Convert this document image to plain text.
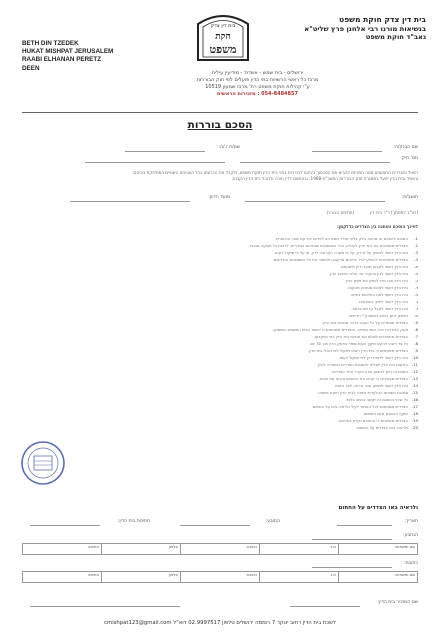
בית דין צדק חוקת משפט
בנשיאות מורנו רבי אלחנן פרץ שליט"א
גאב"ד חוקת משפט
בית דין צדק
חקת
משפט
BETH DIN TZEDEK
HUKAT MISHPAT JERUSALEM
RAABI ELHANAN PERETZ
DEEN
ירושלים - בית שמש - אשדוד - מודיעין עילית
מרכז כל ראשי הרשויות בתי הדין פועלים לפי חוק הבוררות
ע"י קהילות חוקת משפט רח' מרכז שמעון 10519
054-8484857 : מזכירות הראשית
הסכם בוררות
שם הבנק/ה:
שם/ת.ז./ה:
מס' תיק:
הואיל והצדדים החתומים מטה הסכימו להביא את הסכסוך ביניהם לבוררות בפני בית הדין חוקת משפט, ולקבל את הכרעתו בכל העניינים השנויים במחלוקת ביניהם;
והואיל ובית הדין יפעל במסגרת חוק הבוררות התשכ"ח-1968, ובהתאם לדין תורה ולנוהל בית הדין הקבוע;
תושב/ת:
מועד הדיון:
[רצ"ב למסמך] ד"ר בית דין            (חתימת הבורר)
לפיכך הוסכם והותנה בין הצדדים כדלקמן:
1.
המבוא להסכם זה מהווה חלק בלתי נפרד ממנו ויש לפרשו יחד עם שאר הוראותיו.
2.
הצדדים מסמיכים את בית הדין להכריע בכל הסכסוכים שביניהם כבוררים, לרבות כל תביעה שכנגד.
3.
בית הדין רשאי לפסוק על פי דין, על פי פשרה הקרובה לדין, או על פי שיקול דעתו.
4.
הצדדים מתחייבים להופיע לכל הדיונים שייקבעו ולמסור את כל המסמכים הנדרשים.
א.
בית הדין רשאי לקבוע מועדי דיון ולשנותם.
ב.
בית הדין רשאי לדון בהעדר צד שלא התייצב כדין.
ג.
בית הדין אינו חייב לנמק את פסק הדין.
ד.
בית הדין רשאי למנות מומחה מטעמו.
ה.
בית הדין רשאי לתת החלטות ביניים.
ו.
בית הדין רשאי לחייב בהוצאות.
ז.
בית הדין רשאי לקבל עדויות בכתב.
ח.
הפסק יינתן בכתב ויחתם ע"י הדיינים.
5.
הצדדים מוותרים על כל טענה בדבר סמכות בית הדין.
6.
פסק הבוררות יהיה סופי ומחייב, והצדדים מסכימים כי יאושר בבית המשפט המוסמך.
7.
הצדדים מתחייבים לשלם את אגרות בית הדין כפי שייקבעו.
8.
כל צד רשאי לבקש תיקון טעות סופר בפסק הדין תוך 30 יום.
9.
הצדדים מסכימים כי בית הדין רשאי לפעול לפי נוהלי בית הדין.
10.
בית הדין רשאי לדחות דיון לפי שיקול דעתו.
11.
הודעות בית הדין יישלחו לכתובות הצדדים כמפורט להלן.
12.
הסכם זה ניתן לביצוע גם בהיעדר אחד הצדדים.
13.
הצדדים מצהירים כי קראו את ההסכם והבינו את תוכנו.
14.
בית הדין רשאי לפסוק שכר טרחה לצד הזוכה.
15.
סמכות השיפוט הבלעדית נתונה לבית הדין חוקת משפט.
16.
כל שינוי בהסכם זה ייעשה בכתב בלבד.
17.
הצדדים מסכימים לכל האמור לעיל ולראיה באו על החתום.
18.
תוקף ההסכם מיום חתימתו.
19.
הצדדים מאשרים כי ההסכם נקרא בפניהם.
20.
ולראיה באו הצדדים על החתום.
ולראיה באו הצדדים על החתום
תאריך:
התובע:
חתימת בית הדין:
הנתבע:
שם ומשפחה	ת.ז.	כתובת	טלפון	חתימה
כתובת:
שם ומשפחה	ת.ז.	כתובת	טלפון	חתימה
שם המזכיר בית הדין:
לשכת בית הדין רחוב יונקר 7 רוממה ירושלים טלפון 02.9997517 דוא"ל cmishpat123@gmail.com
